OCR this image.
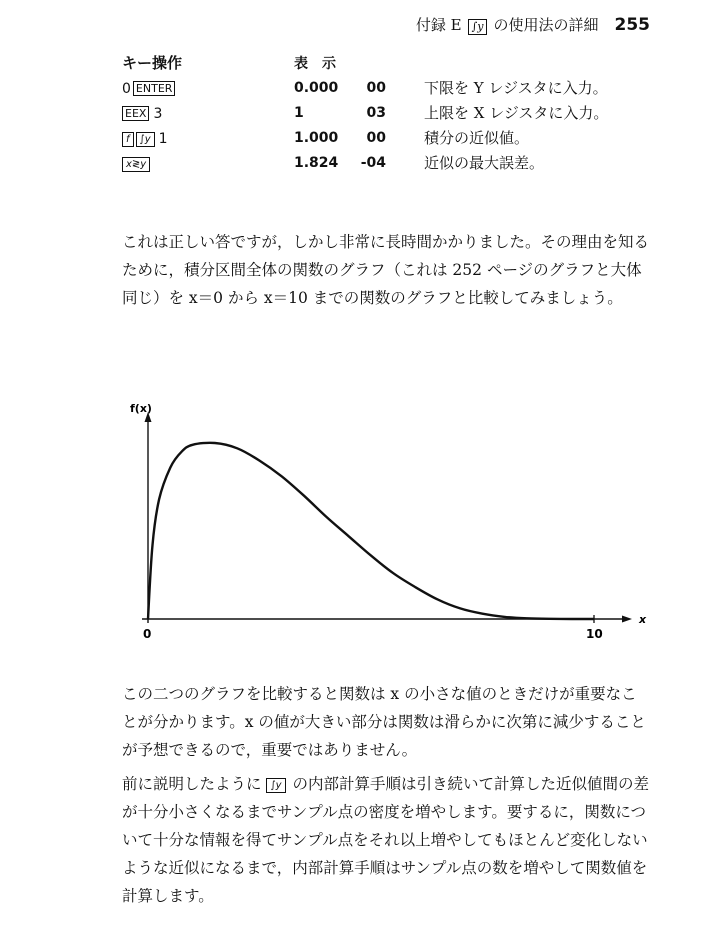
付録 E ∫y の使用法の詳細 255
キー操作	表　示	

0 ENTER	0.000 00	下限を Y レジスタに入力。

EEX 3	1 03	上限を X レジスタに入力。

f ∫y 1	1.000 00	積分の近似値。

x≷y	1.824 -04	近似の最大誤差。

これは正しい答ですが，しかし非常に長時間かかりました。その理由を知るために，積分区間全体の関数のグラフ（これは 252 ページのグラフと大体同じ）を x＝0 から x＝10 までの関数のグラフと比較してみましょう。

f(x)
x
0	10

この二つのグラフを比較すると関数は x の小さな値のときだけが重要なことが分かります。x の値が大きい部分は関数は滑らかに次第に減少することが予想できるので，重要ではありません。

前に説明したように ∫y の内部計算手順は引き続いて計算した近似値間の差が十分小さくなるまでサンプル点の密度を増やします。要するに，関数について十分な情報を得てサンプル点をそれ以上増やしてもほとんど変化しないような近似になるまで，内部計算手順はサンプル点の数を増やして関数値を計算します。
